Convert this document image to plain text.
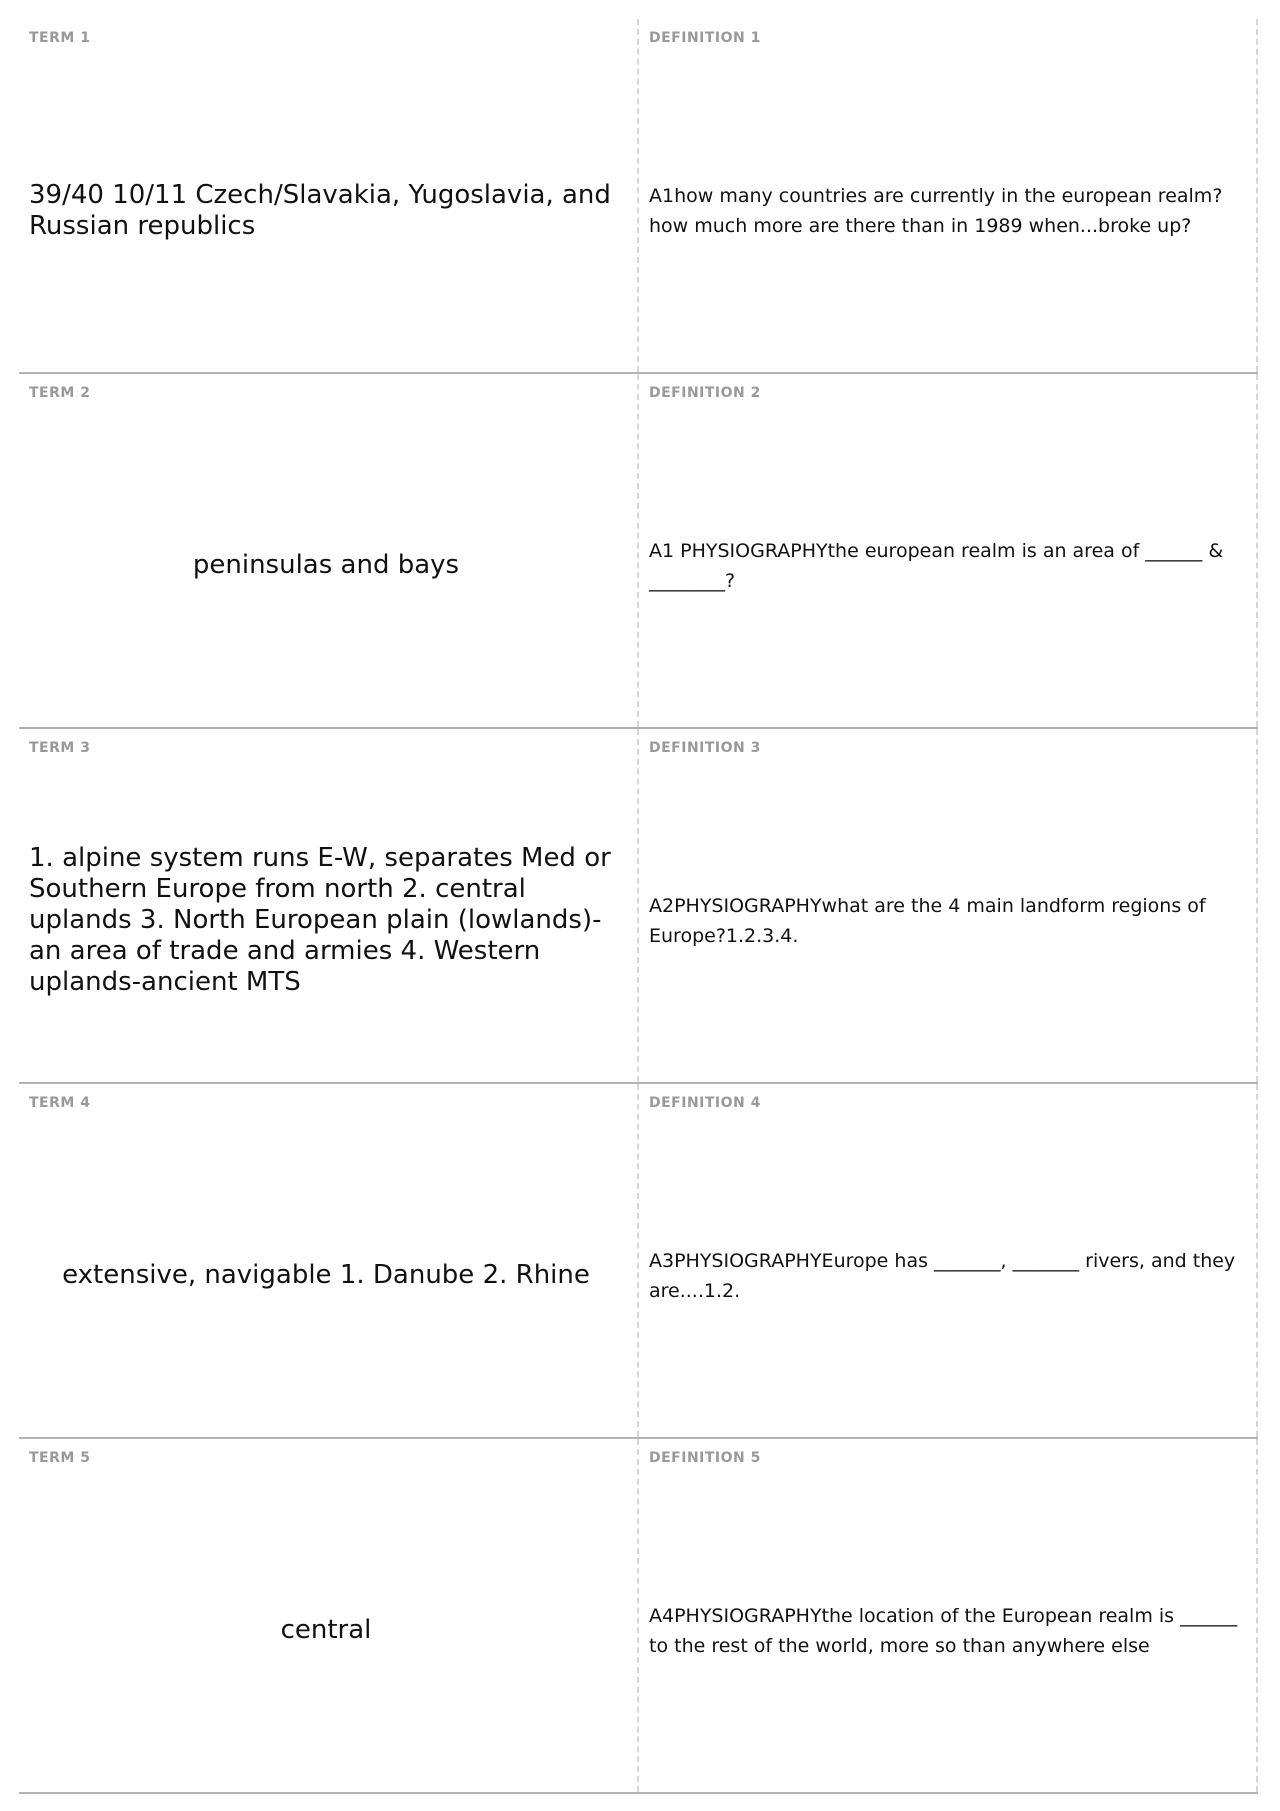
TERM 1
39/40 10/11 Czech/Slavakia, Yugoslavia, and Russian republics
DEFINITION 1
A1how many countries are currently in the european realm? how much more are there than in 1989 when...broke up?
TERM 2
peninsulas and bays
DEFINITION 2
A1 PHYSIOGRAPHYthe european realm is an area of ______ & ________?
TERM 3
1. alpine system runs E-W, separates Med or Southern Europe from north 2. central uplands 3. North European plain (lowlands)- an area of trade and armies 4. Western uplands-ancient MTS
DEFINITION 3
A2PHYSIOGRAPHYwhat are the 4 main landform regions of Europe?1.2.3.4.
TERM 4
extensive, navigable 1. Danube 2. Rhine
DEFINITION 4
A3PHYSIOGRAPHYEurope has _______, _______ rivers, and they are....1.2.
TERM 5
central
DEFINITION 5
A4PHYSIOGRAPHYthe location of the European realm is ______ to the rest of the world, more so than anywhere else
